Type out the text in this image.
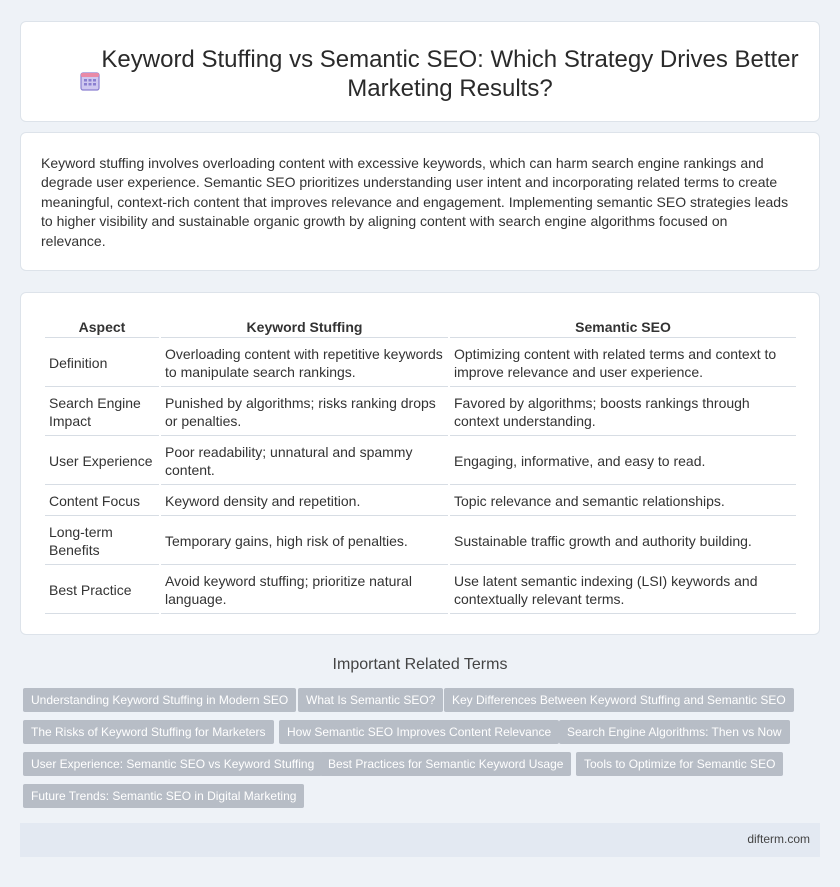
Keyword Stuffing vs Semantic SEO: Which Strategy Drives Better Marketing Results?

Keyword stuffing involves overloading content with excessive keywords, which can harm search engine rankings and degrade user experience. Semantic SEO prioritizes understanding user intent and incorporating related terms to create meaningful, context-rich content that improves relevance and engagement. Implementing semantic SEO strategies leads to higher visibility and sustainable organic growth by aligning content with search engine algorithms focused on relevance.

Aspect	Keyword Stuffing	Semantic SEO
Definition	Overloading content with repetitive keywords to manipulate search rankings.	Optimizing content with related terms and context to improve relevance and user experience.
Search Engine Impact	Punished by algorithms; risks ranking drops or penalties.	Favored by algorithms; boosts rankings through context understanding.
User Experience	Poor readability; unnatural and spammy content.	Engaging, informative, and easy to read.
Content Focus	Keyword density and repetition.	Topic relevance and semantic relationships.
Long-term Benefits	Temporary gains, high risk of penalties.	Sustainable traffic growth and authority building.
Best Practice	Avoid keyword stuffing; prioritize natural language.	Use latent semantic indexing (LSI) keywords and contextually relevant terms.
Important Related Terms
Understanding Keyword Stuffing in Modern SEO	What Is Semantic SEO?	Key Differences Between Keyword Stuffing and Semantic SEO
The Risks of Keyword Stuffing for Marketers	How Semantic SEO Improves Content Relevance	Search Engine Algorithms: Then vs Now
User Experience: Semantic SEO vs Keyword Stuffing	Best Practices for Semantic Keyword Usage	Tools to Optimize for Semantic SEO
Future Trends: Semantic SEO in Digital Marketing
difterm.com
